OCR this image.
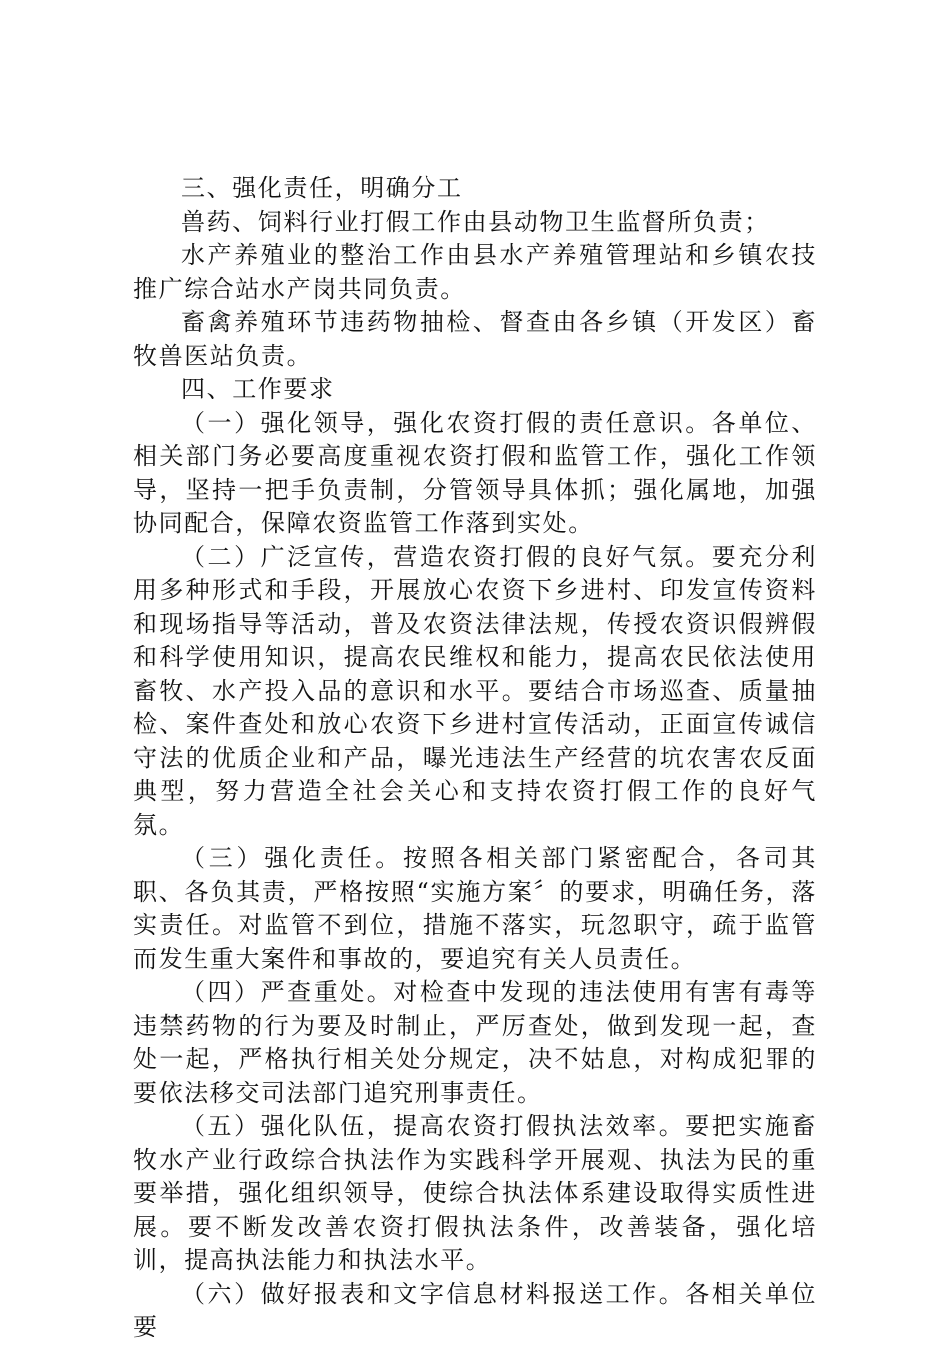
三、强化责任，明确分工

兽药、饲料行业打假工作由县动物卫生监督所负责；

水产养殖业的整治工作由县水产养殖管理站和乡镇农技推广综合站水产岗共同负责。

畜禽养殖环节违药物抽检、督查由各乡镇（开发区）畜牧兽医站负责。

四、工作要求

（一）强化领导，强化农资打假的责任意识。各单位、相关部门务必要高度重视农资打假和监管工作，强化工作领导，坚持一把手负责制，分管领导具体抓；强化属地，加强协同配合，保障农资监管工作落到实处。

（二）广泛宣传，营造农资打假的良好气氛。要充分利用多种形式和手段，开展放心农资下乡进村、印发宣传资料和现场指导等活动，普及农资法律法规，传授农资识假辨假和科学使用知识，提高农民维权和能力，提高农民依法使用畜牧、水产投入品的意识和水平。要结合市场巡查、质量抽检、案件查处和放心农资下乡进村宣传活动，正面宣传诚信守法的优质企业和产品，曝光违法生产经营的坑农害农反面典型，努力营造全社会关心和支持农资打假工作的良好气氛。

（三）强化责任。按照各相关部门紧密配合，各司其职、各负其责，严格按照“实施方案〞的要求，明确任务，落实责任。对监管不到位，措施不落实，玩忽职守，疏于监管而发生重大案件和事故的，要追究有关人员责任。

（四）严查重处。对检查中发现的违法使用有害有毒等违禁药物的行为要及时制止，严厉查处，做到发现一起，查处一起，严格执行相关处分规定，决不姑息，对构成犯罪的要依法移交司法部门追究刑事责任。

（五）强化队伍，提高农资打假执法效率。要把实施畜牧水产业行政综合执法作为实践科学开展观、执法为民的重要举措，强化组织领导，使综合执法体系建设取得实质性进展。要不断发改善农资打假执法条件，改善装备，强化培训，提高执法能力和执法水平。

（六）做好报表和文字信息材料报送工作。各相关单位要
